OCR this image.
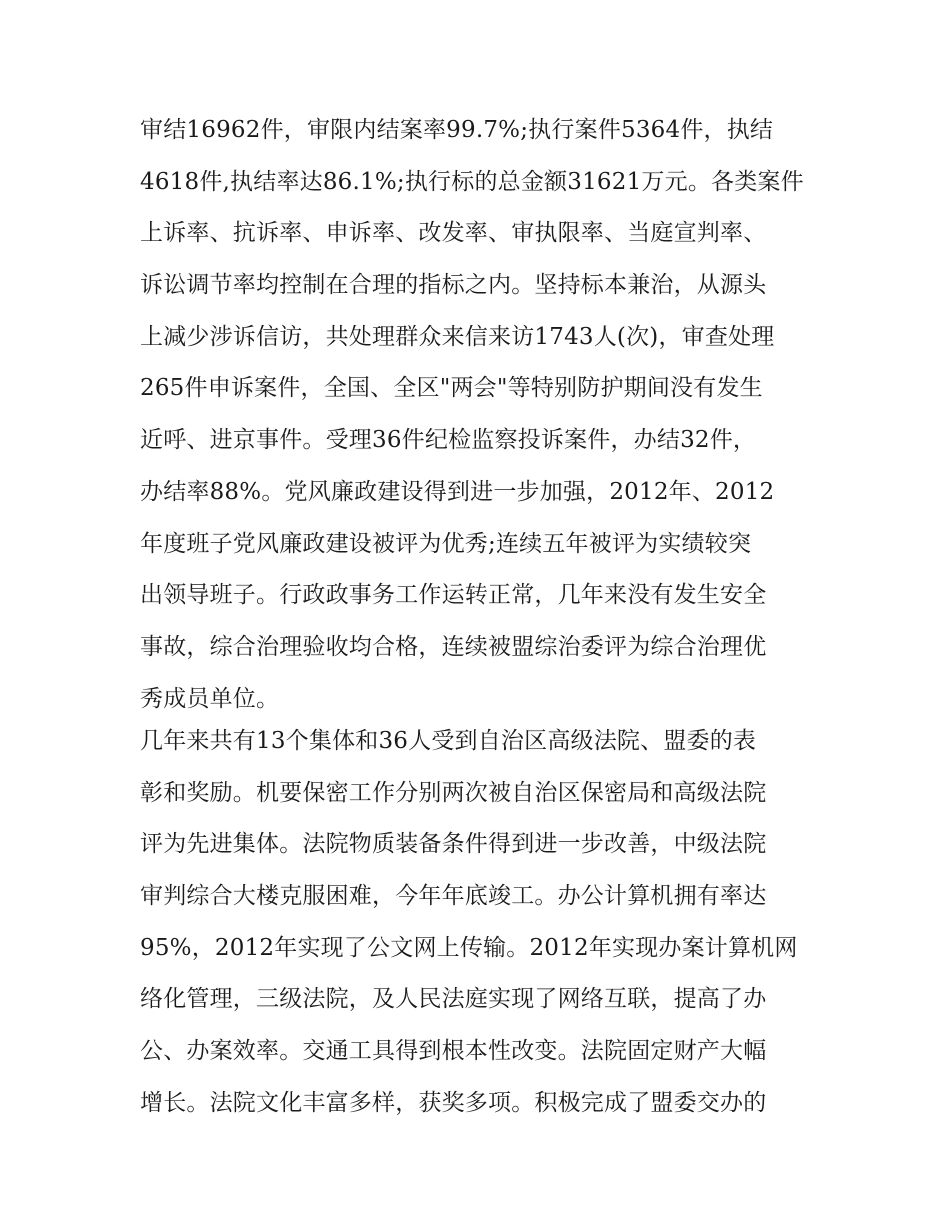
审结16962件，审限内结案率99.7%;执行案件5364件，执结
4618件,执结率达86.1%;执行标的总金额31621万元。各类案件
上诉率、抗诉率、申诉率、改发率、审执限率、当庭宣判率、
诉讼调节率均控制在合理的指标之内。坚持标本兼治，从源头
上减少涉诉信访，共处理群众来信来访1743人(次)，审查处理
265件申诉案件，全国、全区"两会"等特别防护期间没有发生
近呼、进京事件。受理36件纪检监察投诉案件，办结32件，
办结率88%。党风廉政建设得到进一步加强，2012年、2012
年度班子党风廉政建设被评为优秀;连续五年被评为实绩较突
出领导班子。行政政事务工作运转正常，几年来没有发生安全
事故，综合治理验收均合格，连续被盟综治委评为综合治理优
秀成员单位。
几年来共有13个集体和36人受到自治区高级法院、盟委的表
彰和奖励。机要保密工作分别两次被自治区保密局和高级法院
评为先进集体。法院物质装备条件得到进一步改善，中级法院
审判综合大楼克服困难，今年年底竣工。办公计算机拥有率达
95%，2012年实现了公文网上传输。2012年实现办案计算机网
络化管理，三级法院，及人民法庭实现了网络互联，提高了办
公、办案效率。交通工具得到根本性改变。法院固定财产大幅
增长。法院文化丰富多样，获奖多项。积极完成了盟委交办的
